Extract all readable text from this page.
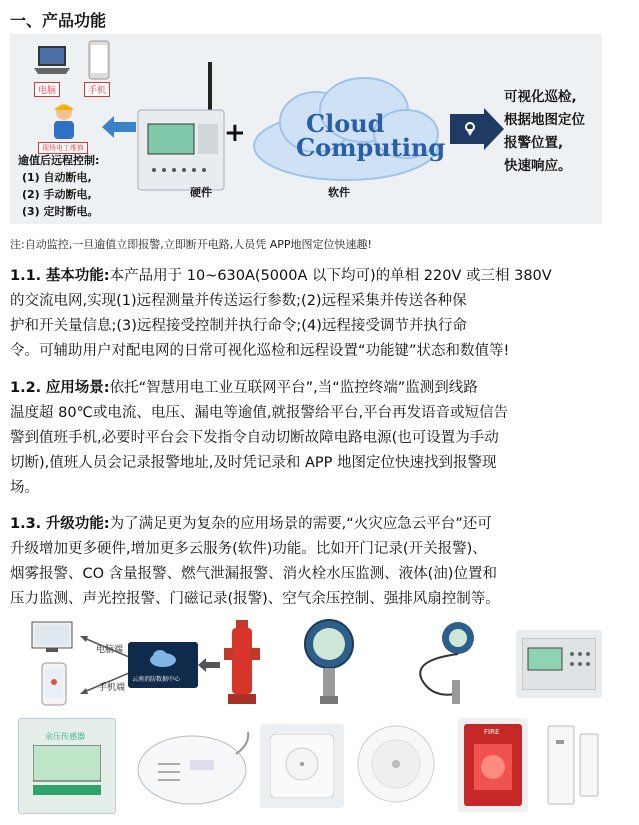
一、产品功能
电脑	手机
现场电工维修
逾值后远程控制:
(1) 自动断电,
(2) 手动断电,
(3) 定时断电。
硬件
+	Cloud
Computing
软件
可视化巡检,
根据地图定位
报警位置,
快速响应。
注:自动监控,一旦逾值立即报警,立即断开电路,人员凭 APP地图定位快速趣!
1.1. 基本功能:本产品用于 10~630A(5000A 以下均可)的单相 220V 或三相 380V
的交流电网,实现(1)远程测量并传送运行参数;(2)远程采集并传送各种保
护和开关量信息;(3)远程接受控制并执行命令;(4)远程接受调节并执行命
令。可辅助用户对配电网的日常可视化巡检和远程设置“功能键”状态和数值等!
1.2. 应用场景:依托“智慧用电工业互联网平台”,当“监控终端”监测到线路
温度超 80℃或电流、电压、漏电等逾值,就报警给平台,平台再发语音或短信告
警到值班手机,必要时平台会下发指令自动切断故障电路电源(也可设置为手动
切断),值班人员会记录报警地址,及时凭记录和 APP 地图定位快速找到报警现
场。
1.3. 升级功能:为了满足更为复杂的应用场景的需要,“火灾应急云平台”还可
升级增加更多硬件,增加更多云服务(软件)功能。比如开门记录(开关报警)、
烟雾报警、CO 含量报警、燃气泄漏报警、消火栓水压监测、液体(油)位置和
压力监测、声光控报警、门磁记录(报警)、空气余压控制、强排风扇控制等。
电脑端
手机端
云南消防数据中心
余压传感器	FIRE
